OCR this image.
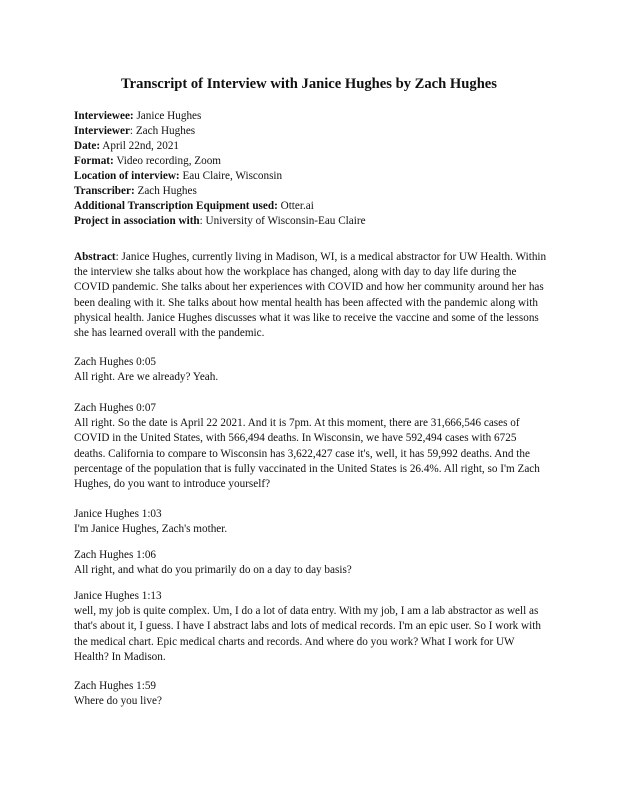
Transcript of Interview with Janice Hughes by Zach Hughes
Interviewee: Janice Hughes
Interviewer: Zach Hughes
Date: April 22nd, 2021
Format: Video recording, Zoom
Location of interview: Eau Claire, Wisconsin
Transcriber: Zach Hughes
Additional Transcription Equipment used: Otter.ai
Project in association with: University of Wisconsin-Eau Claire
Abstract: Janice Hughes, currently living in Madison, WI, is a medical abstractor for UW Health. Within the interview she talks about how the workplace has changed, along with day to day life during the COVID pandemic. She talks about her experiences with COVID and how her community around her has been dealing with it. She talks about how mental health has been affected with the pandemic along with physical health. Janice Hughes discusses what it was like to receive the vaccine and some of the lessons she has learned overall with the pandemic.
Zach Hughes 0:05
All right. Are we already? Yeah.
Zach Hughes 0:07
All right. So the date is April 22 2021. And it is 7pm. At this moment, there are 31,666,546 cases of COVID in the United States, with 566,494 deaths. In Wisconsin, we have 592,494 cases with 6725 deaths. California to compare to Wisconsin has 3,622,427 case it's, well, it has 59,992 deaths. And the percentage of the population that is fully vaccinated in the United States is 26.4%. All right, so I'm Zach Hughes, do you want to introduce yourself?
Janice Hughes 1:03
I'm Janice Hughes, Zach's mother.
Zach Hughes 1:06
All right, and what do you primarily do on a day to day basis?
Janice Hughes 1:13
well, my job is quite complex. Um, I do a lot of data entry. With my job, I am a lab abstractor as well as that's about it, I guess. I have I abstract labs and lots of medical records. I'm an epic user. So I work with the medical chart. Epic medical charts and records. And where do you work? What I work for UW Health? In Madison.
Zach Hughes 1:59
Where do you live?
